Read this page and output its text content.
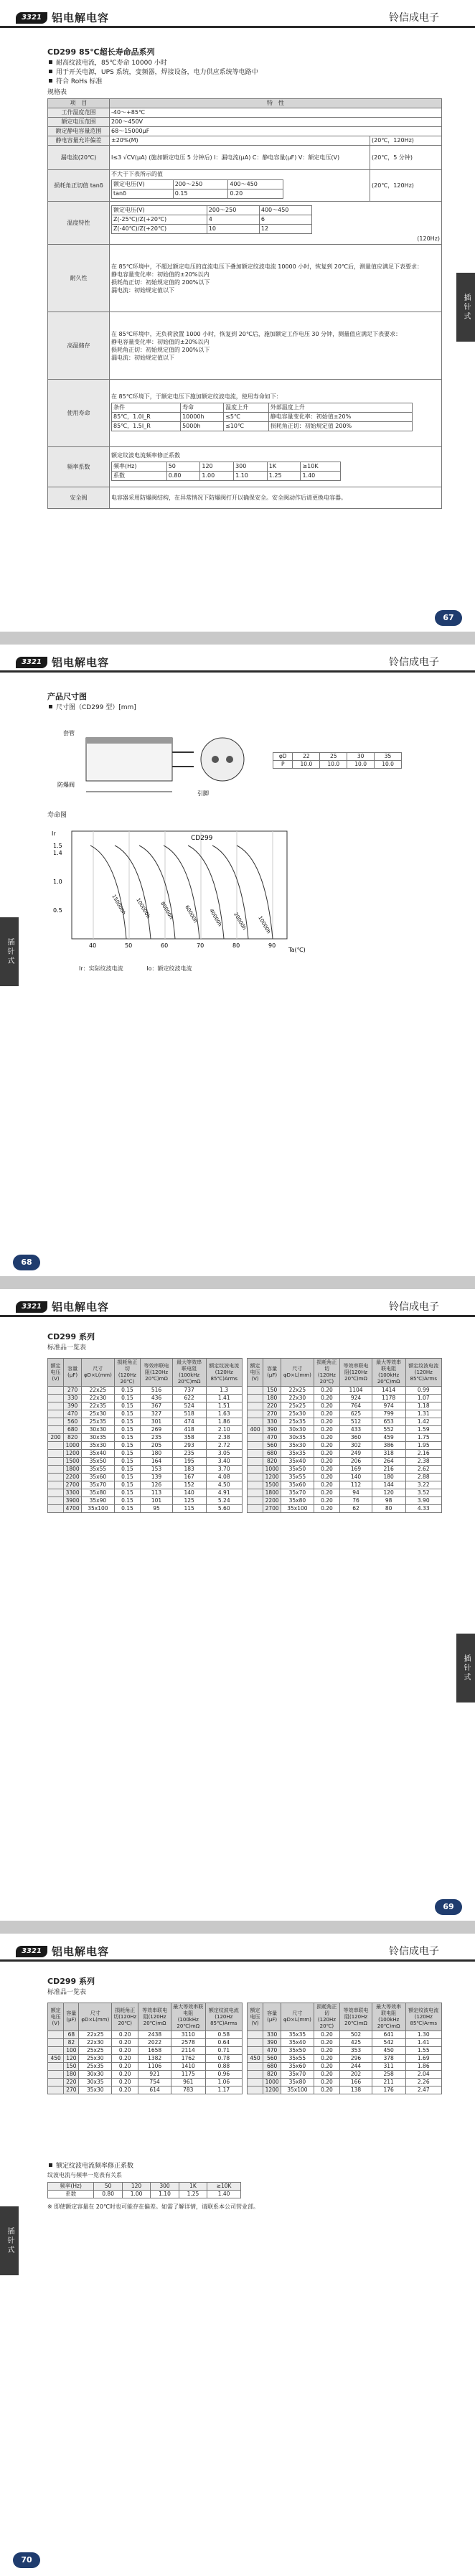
3321 铝电解电容	铃信成电子
CD299 85℃超长寿命品系列
耐高纹波电流，85℃寿命 10000 小时
用于开关电源，UPS 系统，变频器，焊接设备，电力供应系统等电路中
符合 RoHs 标准
规格表
项　目	特　性
工作温度范围	-40～+85℃
额定电压范围	200～450V
额定静电容量范围	68～15000μF
静电容量允许偏差	±20%(M)	(20℃，120Hz)
漏电流(20℃)	I≤3 √CV(μA) (施加额定电压 5 分钟后) I：漏电流(μA) C：静电容量(μF) V：额定电压(V)	(20℃，5 分钟)
损耗角正切值 tanδ	
不大于下表所示的值
额定电压(V)	200～250	400～450
tanδ	0.15	0.20
	(20℃，120Hz)
温度特性	
额定电压(V)	200～250	400～450
Z(-25℃)/Z(+20℃)	4	6
Z(-40℃)/Z(+20℃)	10	12
(120Hz)

耐久性	
在 85℃环境中，不超过额定电压的直流电压下叠加额定纹波电流 10000 小时，恢复到 20℃后，测量值应满足下表要求：
静电容量变化率：初始值的±20%以内
损耗角正切：初始规定值的 200%以下
漏电流：初始规定值以下

高温储存	
在 85℃环境中，无负荷放置 1000 小时，恢复到 20℃后，施加额定工作电压 30 分钟，测量值应满足下表要求：
静电容量变化率：初始值的±20%以内
损耗角正切：初始规定值的 200%以下
漏电流：初始规定值以下

使用寿命	
在 85℃环境下，于额定电压下施加额定纹波电流，使用寿命如下：
条件	寿命	温度上升	外部温度上升
85℃，1.0I_R	10000h	≤5℃	静电容量变化率：初始值±20%
85℃，1.5I_R	5000h	≤10℃	损耗角正切：初始规定值 200%

频率系数	
额定纹波电流频率修正系数
频率(Hz)	50	120	300	1K	≥10K
系数	0.80	1.00	1.10	1.25	1.40

安全阀	电容器采用防爆阀结构，在异常情况下防爆阀打开以确保安全。安全阀动作后请更换电容器。
插针式
67
3321 铝电解电容	铃信成电子
产品尺寸图
尺寸图（CD299 型）[mm]
套管
防爆阀
引脚
φD	22	25	30	35
P	10.0	10.0	10.0	10.0
寿命图
150000h 100000h 80000h 60000h 40000h 20000h 10000h
40	50	60	70	80	90
1.5
1.4
1.0
0.5
CD299
Ta(℃)
Ir
Ir：实际纹波电流	Io：额定纹波电流
插针式
68
3321 铝电解电容	铃信成电子
CD299 系列
标准品一览表
额定电压(V)	容量(μF)	尺寸φD×L(mm)	损耗角正切(120Hz 20℃)	等效串联电阻(120Hz 20℃)mΩ	最大等效串联电阻(100kHz 20℃)mΩ	额定纹波电流(120Hz 85℃)Arms
	270	22x25	0.15	516	737	1.3
	330	22x30	0.15	436	622	1.41
	390	22x35	0.15	367	524	1.51
	470	25x30	0.15	327	518	1.63
	560	25x35	0.15	301	474	1.86
	680	30x30	0.15	269	418	2.10
200	820	30x35	0.15	235	358	2.38
	1000	35x30	0.15	205	293	2.72
	1200	35x40	0.15	180	235	3.05
	1500	35x50	0.15	164	195	3.40
	1800	35x55	0.15	153	183	3.70
	2200	35x60	0.15	139	167	4.08
	2700	35x70	0.15	126	152	4.50
	3300	35x80	0.15	113	140	4.91
	3900	35x90	0.15	101	125	5.24
	4700	35x100	0.15	95	115	5.60
额定电压(V)	容量(μF)	尺寸φD×L(mm)	损耗角正切(120Hz 20℃)	等效串联电阻(120Hz 20℃)mΩ	最大等效串联电阻(100kHz 20℃)mΩ	额定纹波电流(120Hz 85℃)Arms
	150	22x25	0.20	1104	1414	0.99
	180	22x30	0.20	924	1178	1.07
	220	25x25	0.20	764	974	1.18
	270	25x30	0.20	625	799	1.31
	330	25x35	0.20	512	653	1.42
400	390	30x30	0.20	433	552	1.59
	470	30x35	0.20	360	459	1.75
	560	35x30	0.20	302	386	1.95
	680	35x35	0.20	249	318	2.16
	820	35x40	0.20	206	264	2.38
	1000	35x50	0.20	169	216	2.62
	1200	35x55	0.20	140	180	2.88
	1500	35x60	0.20	112	144	3.22
	1800	35x70	0.20	94	120	3.52
	2200	35x80	0.20	76	98	3.90
	2700	35x100	0.20	62	80	4.33
插针式
69
3321 铝电解电容	铃信成电子
CD299 系列
标准品一览表
额定电压(V)	容量(μF)	尺寸φD×L(mm)	损耗角正切(120Hz 20℃)	等效串联电阻(120Hz 20℃)mΩ	最大等效串联电阻(100kHz 20℃)mΩ	额定纹波电流(120Hz 85℃)Arms
	68	22x25	0.20	2438	3110	0.58
	82	22x30	0.20	2022	2578	0.64
	100	25x25	0.20	1658	2114	0.71
450	120	25x30	0.20	1382	1762	0.78
	150	25x35	0.20	1106	1410	0.88
	180	30x30	0.20	921	1175	0.96
	220	30x35	0.20	754	961	1.06
	270	35x30	0.20	614	783	1.17
额定电压(V)	容量(μF)	尺寸φD×L(mm)	损耗角正切(120Hz 20℃)	等效串联电阻(120Hz 20℃)mΩ	最大等效串联电阻(100kHz 20℃)mΩ	额定纹波电流(120Hz 85℃)Arms
	330	35x35	0.20	502	641	1.30
	390	35x40	0.20	425	542	1.41
	470	35x50	0.20	353	450	1.55
450	560	35x55	0.20	296	378	1.69
	680	35x60	0.20	244	311	1.86
	820	35x70	0.20	202	258	2.04
	1000	35x80	0.20	166	211	2.26
	1200	35x100	0.20	138	176	2.47
额定纹波电流频率修正系数
纹波电流与频率一览表有关系
频率(Hz)	50	120	300	1K	≥10K
系数	0.80	1.00	1.10	1.25	1.40
※ 即使额定容量在 20℃时也可能存在偏差。如需了解详情，请联系本公司营业部。
插针式
70
